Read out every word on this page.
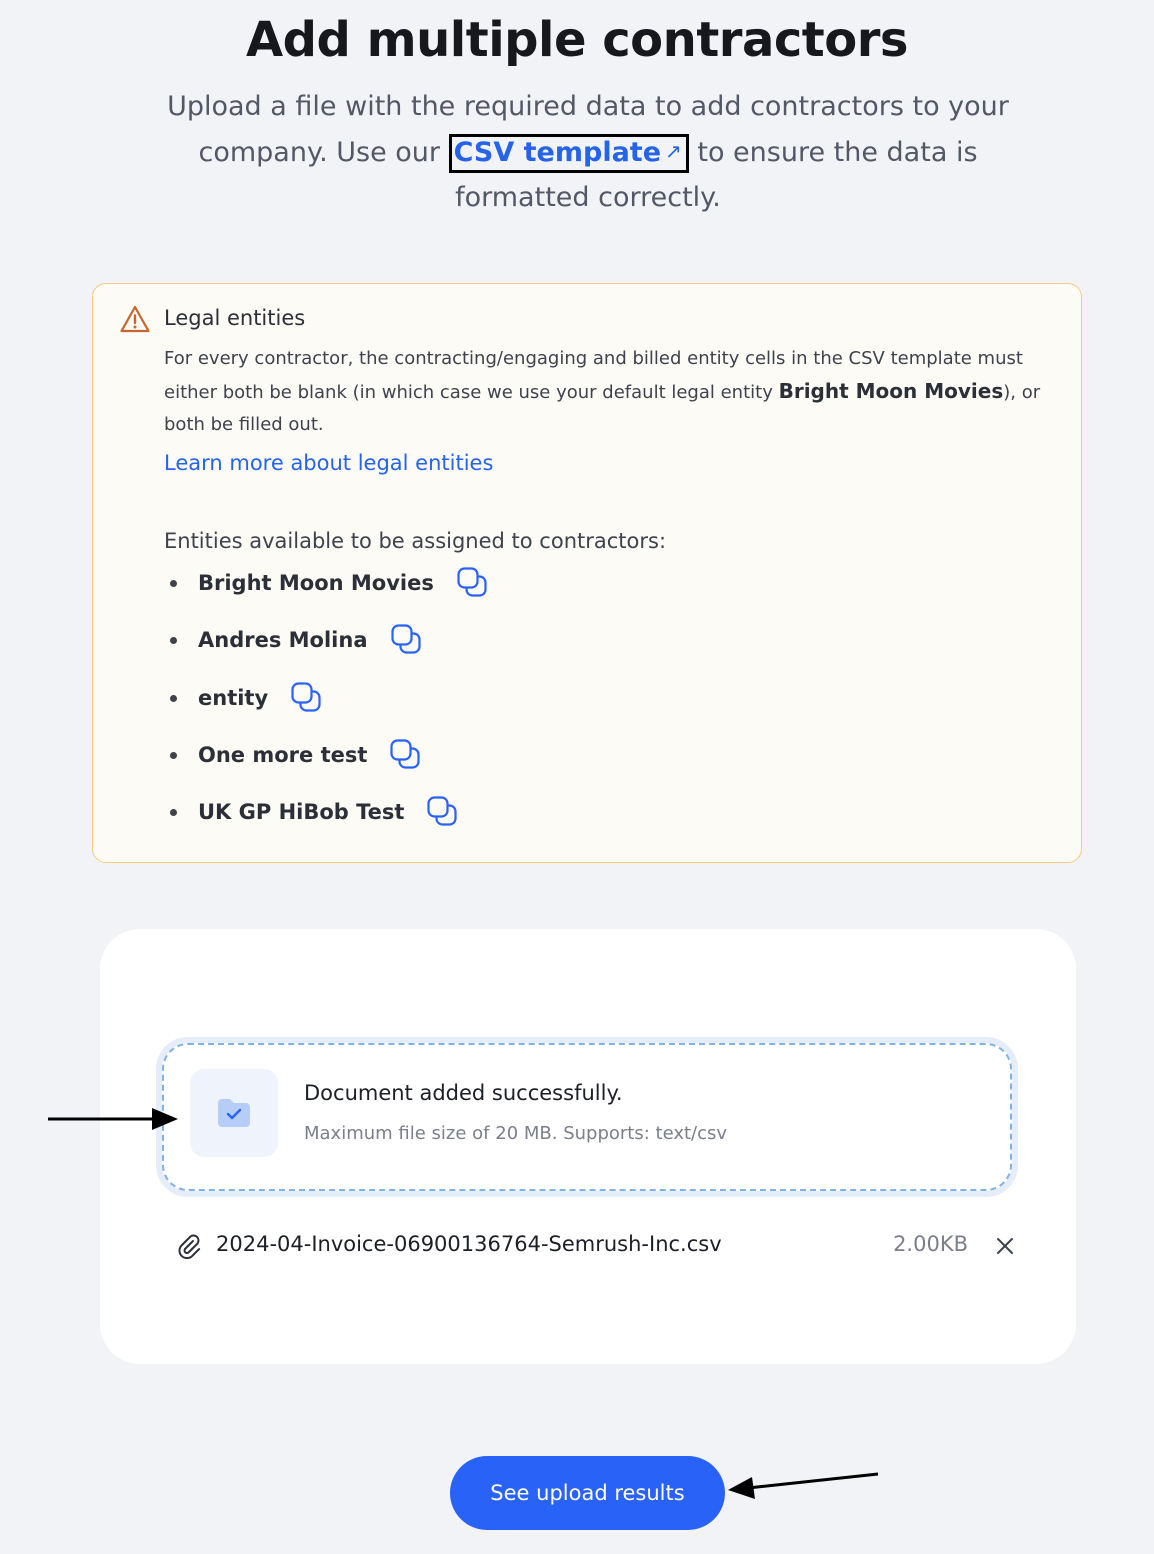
Add multiple contractors

Upload a file with the required data to add contractors to your company. Use our CSV template ↗ to ensure the data is formatted correctly.

Legal entities
For every contractor, the contracting/engaging and billed entity cells in the CSV template must either both be blank (in which case we use your default legal entity Bright Moon Movies), or both be filled out.
Learn more about legal entities
Entities available to be assigned to contractors:
Bright Moon Movies
Andres Molina
entity
One more test
UK GP HiBob Test
Document added successfully.
Maximum file size of 20 MB. Supports: text/csv
2024-04-Invoice-06900136764-Semrush-Inc.csv	2.00KB
See upload results
